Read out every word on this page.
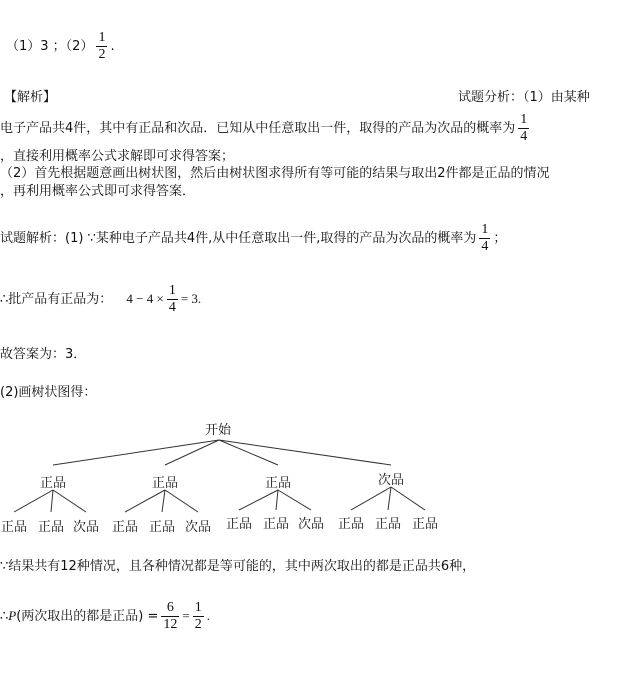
（1）3 ；$(2) \frac{1}{2}$ .
【解析】	试题分析：（1）由某种
电子产品共4件，其中有正品和次品．已知从中任意取出一件，取得的产品为次品的概率为 $\frac{1}{4}$
，直接利用概率公式求解即可求得答案；
（2）首先根据题意画出树状图，然后由树状图求得所有等可能的结果与取出2件都是正品的情况
，再利用概率公式即可求得答案．
试题解析：(1) ∵某种电子产品共4件,从中任意取出一件,取得的产品为次品的概率为 $\frac{1}{4}$ ；
∴批产品有正品为： $4 - 4 \times \frac{1}{4} = 3$.
故答案为：3．
(2)画树状图得：
开始
正品	正品	正品	次品
正品 正品 次品 正品 正品 次品 正品 正品 次品 正品 正品 正品
∵结果共有12种情况，且各种情况都是等可能的，其中两次取出的都是正品共6种，
∴P(两次取出的都是正品) = $\frac{6}{12} = \frac{1}{2}$ .
